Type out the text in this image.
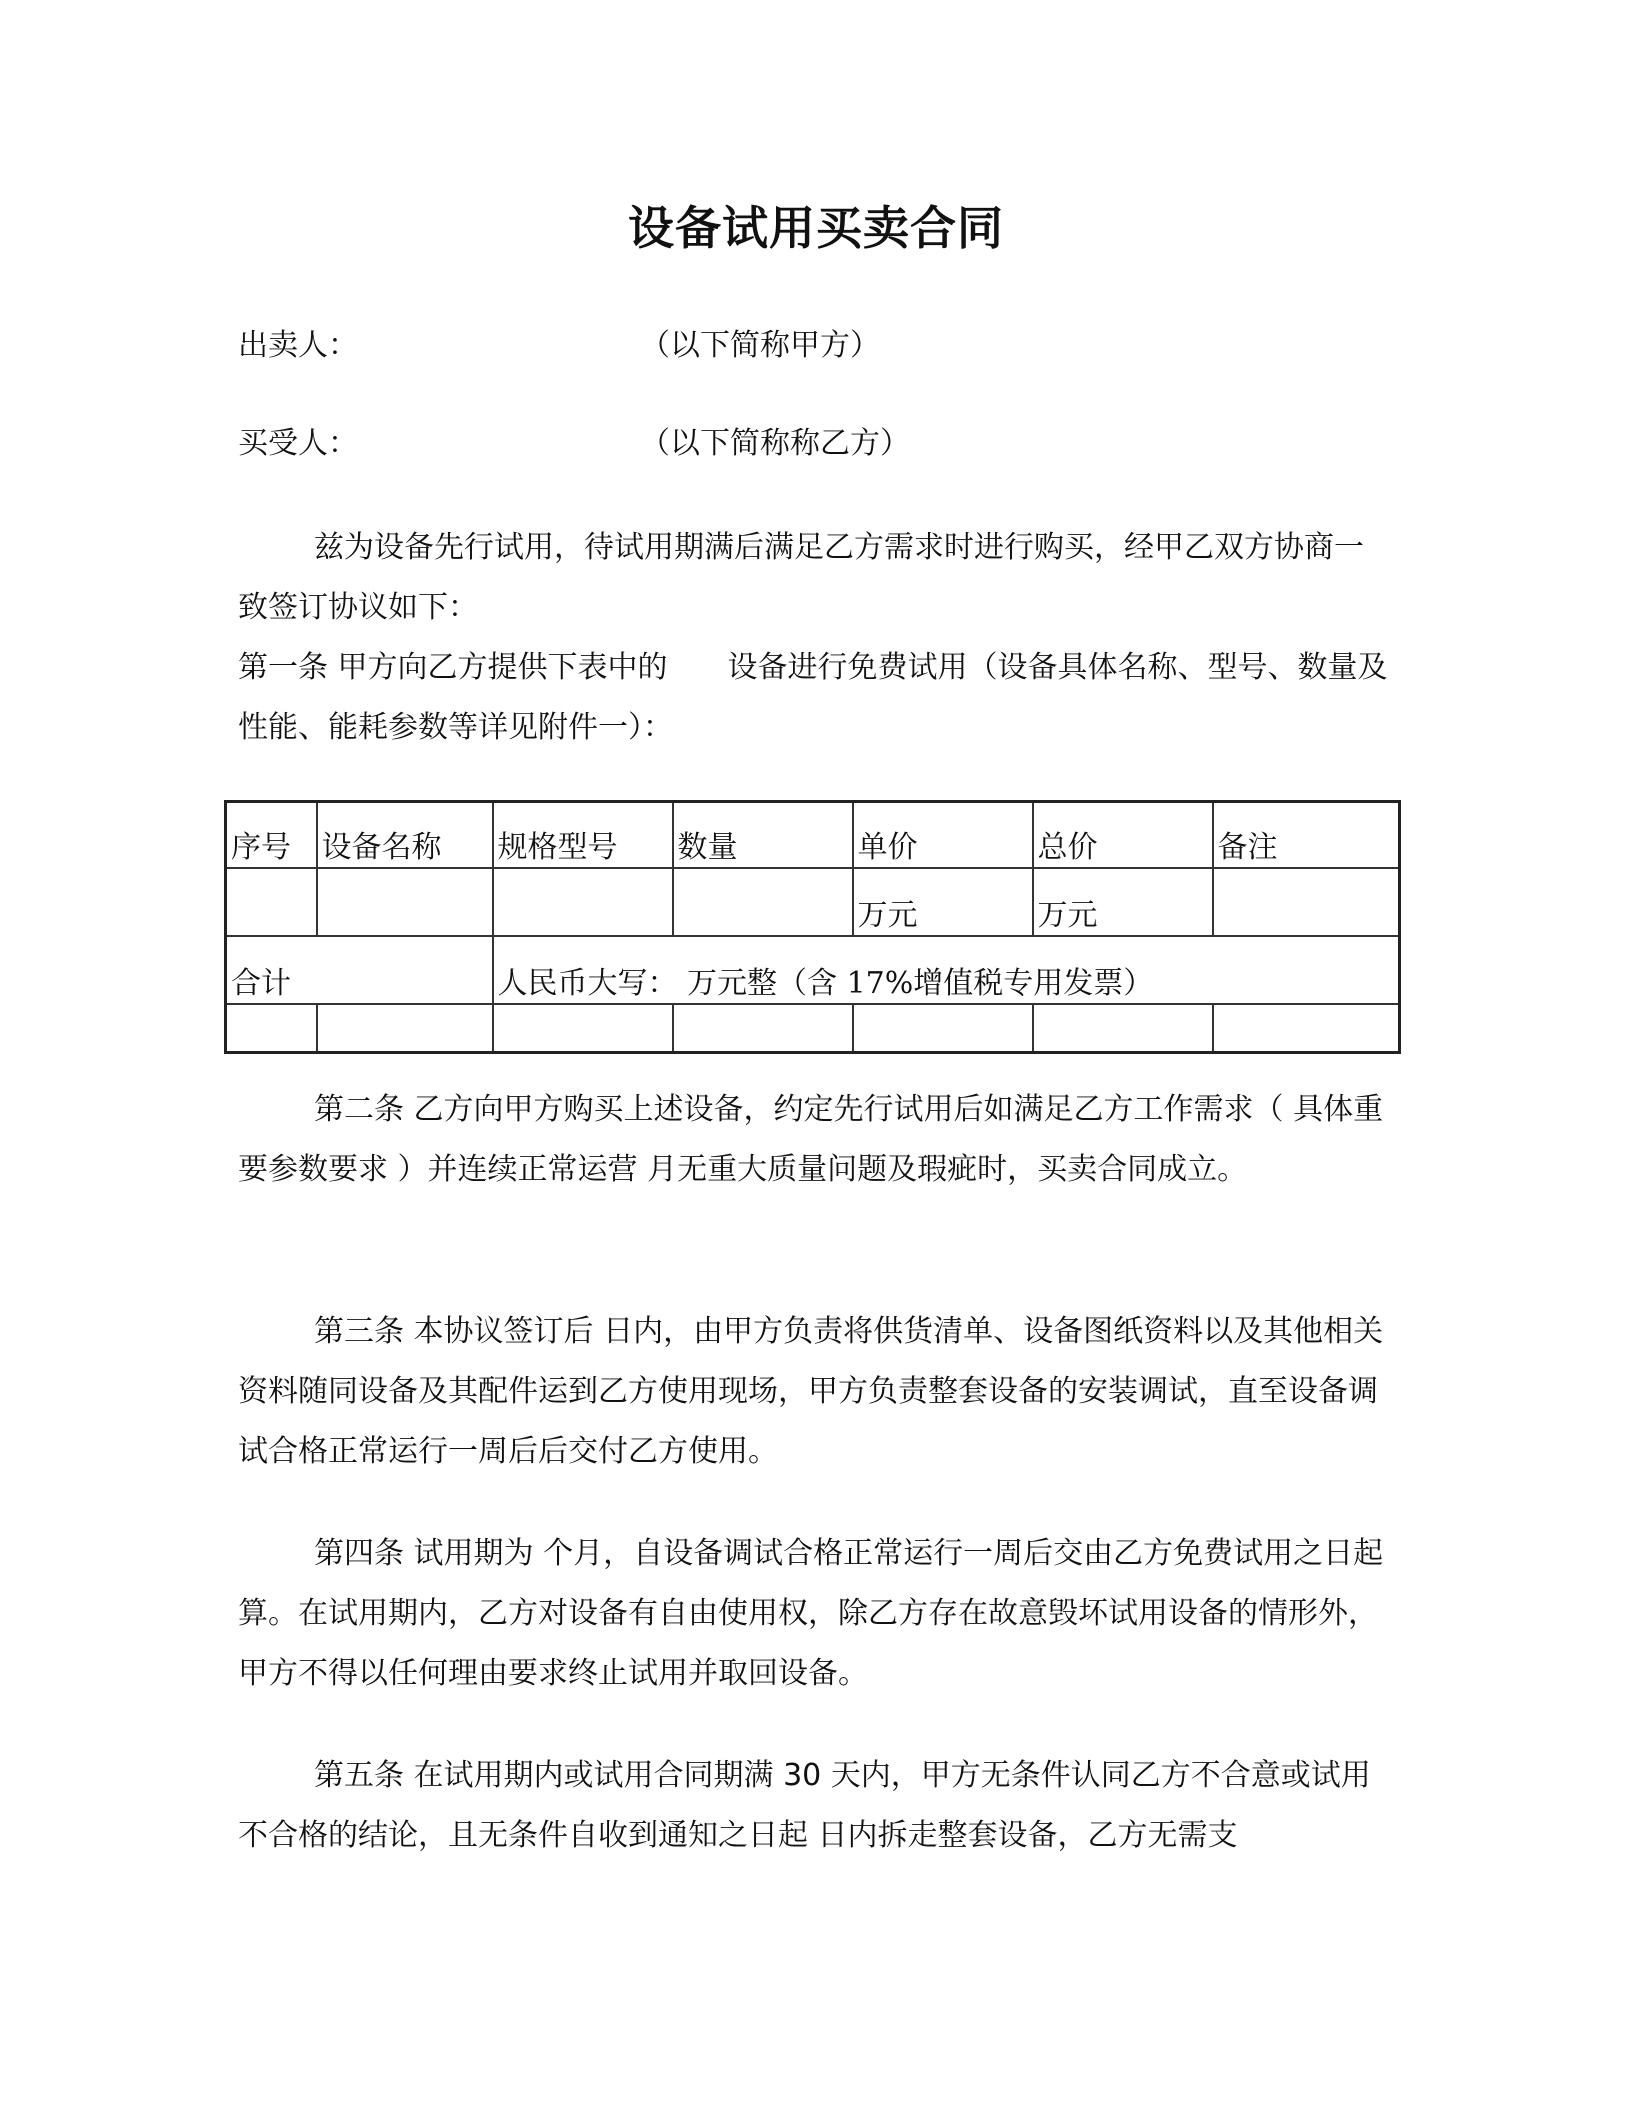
设备试用买卖合同
出卖人：	（以下简称甲方）
买受人：	（以下简称称乙方）
兹为设备先行试用，待试用期满后满足乙方需求时进行购买，经甲乙双方协商一致签订协议如下：
第一条 甲方向乙方提供下表中的　　设备进行免费试用（设备具体名称、型号、数量及性能、能耗参数等详见附件一）：
序号	设备名称	规格型号	数量	单价	总价	备注
				万元	万元	
合计		人民币大写： 万元整（含 17%增值税专用发票）				

第二条 乙方向甲方购买上述设备，约定先行试用后如满足乙方工作需求（ 具体重要参数要求 ）并连续正常运营 月无重大质量问题及瑕疵时，买卖合同成立。
第三条 本协议签订后 日内，由甲方负责将供货清单、设备图纸资料以及其他相关资料随同设备及其配件运到乙方使用现场，甲方负责整套设备的安装调试，直至设备调试合格正常运行一周后后交付乙方使用。
第四条 试用期为 个月，自设备调试合格正常运行一周后交由乙方免费试用之日起算。在试用期内，乙方对设备有自由使用权，除乙方存在故意毁坏试用设备的情形外，甲方不得以任何理由要求终止试用并取回设备。
第五条 在试用期内或试用合同期满 30 天内，甲方无条件认同乙方不合意或试用不合格的结论，且无条件自收到通知之日起 日内拆走整套设备，乙方无需支
